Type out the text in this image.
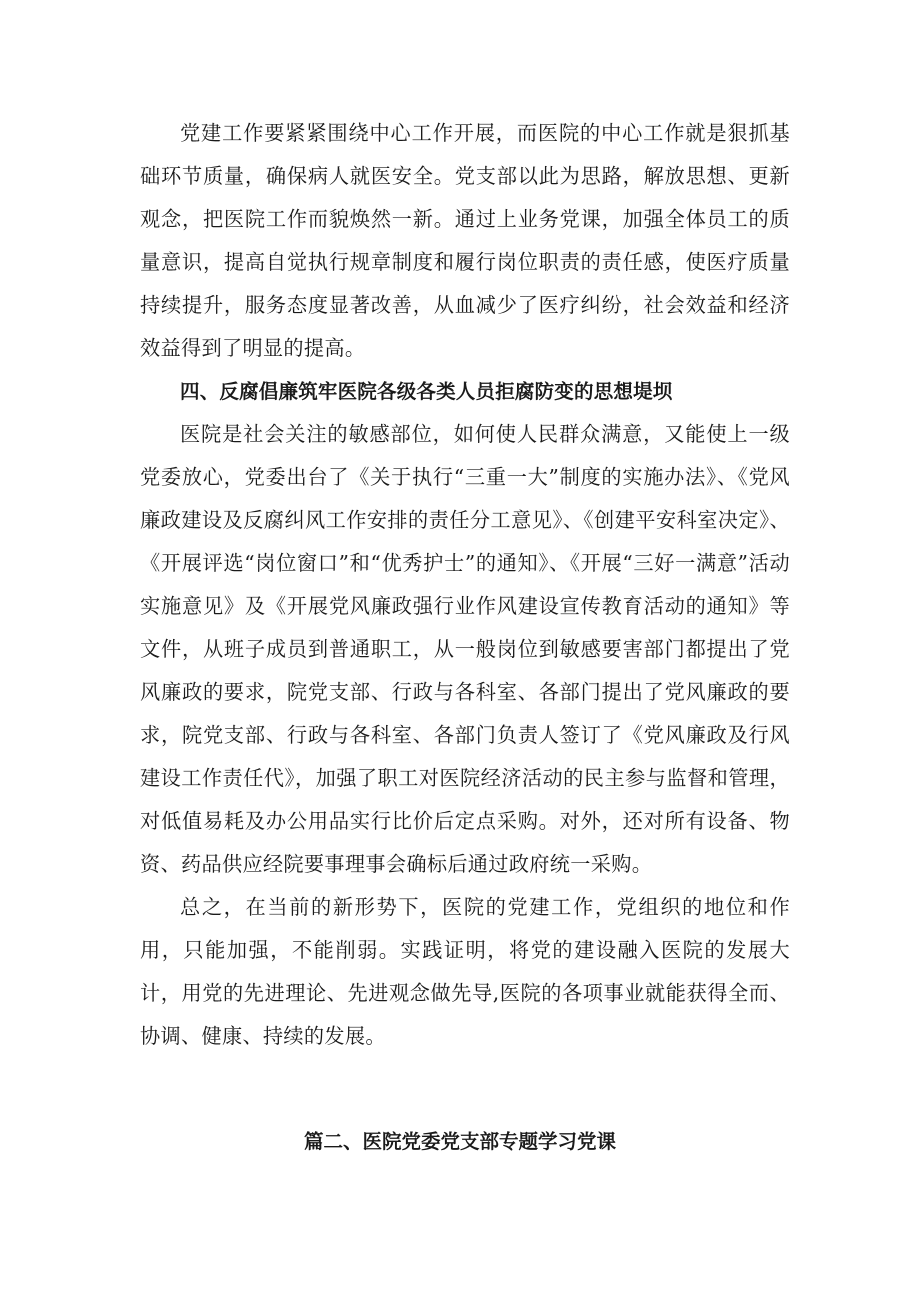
党建工作要紧紧围绕中心工作开展，而医院的中心工作就是狠抓基础环节质量，确保病人就医安全。党支部以此为思路，解放思想、更新观念，把医院工作而貌焕然一新。通过上业务党课，加强全体员工的质量意识，提高自觉执行规章制度和履行岗位职责的责任感，使医疗质量持续提升，服务态度显著改善，从血减少了医疗纠纷，社会效益和经济效益得到了明显的提高。

四、反腐倡廉筑牢医院各级各类人员拒腐防变的思想堤坝

医院是社会关注的敏感部位，如何使人民群众满意，又能使上一级党委放心，党委出台了《关于执行“三重一大”制度的实施办法》、《党风廉政建设及反腐纠风工作安排的责任分工意见》、《创建平安科室决定》、《开展评选“岗位窗口”和“优秀护士”的通知》、《开展“三好一满意”活动实施意见》及《开展党风廉政强行业作风建设宣传教育活动的通知》等文件，从班子成员到普通职工，从一般岗位到敏感要害部门都提出了党风廉政的要求，院党支部、行政与各科室、各部门提出了党风廉政的要求，院党支部、行政与各科室、各部门负责人签订了《党风廉政及行风建设工作责任代》，加强了职工对医院经济活动的民主参与监督和管理，对低值易耗及办公用品实行比价后定点采购。对外，还对所有设备、物资、药品供应经院要事理事会确标后通过政府统一采购。

总之，在当前的新形势下，医院的党建工作，党组织的地位和作用，只能加强，不能削弱。实践证明，将党的建设融入医院的发展大计，用党的先进理论、先进观念做先导,医院的各项事业就能获得全而、协调、健康、持续的发展。

篇二、医院党委党支部专题学习党课
